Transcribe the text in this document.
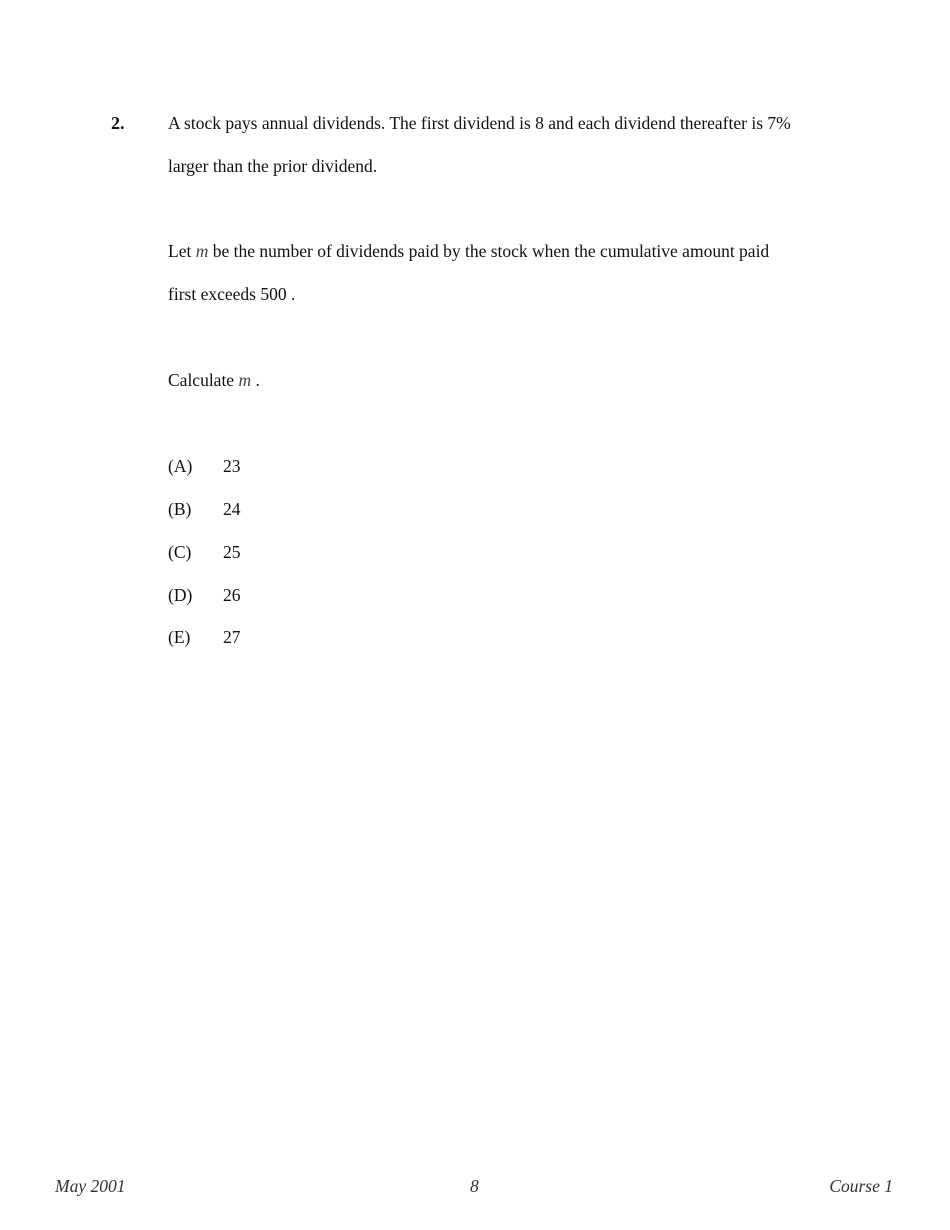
2. A stock pays annual dividends. The first dividend is 8 and each dividend thereafter is 7%
larger than the prior dividend.
Let m be the number of dividends paid by the stock when the cumulative amount paid
first exceeds 500 .
Calculate m .
(A) 23
(B) 24
(C) 25
(D) 26
(E) 27
May 2001	8	Course 1
